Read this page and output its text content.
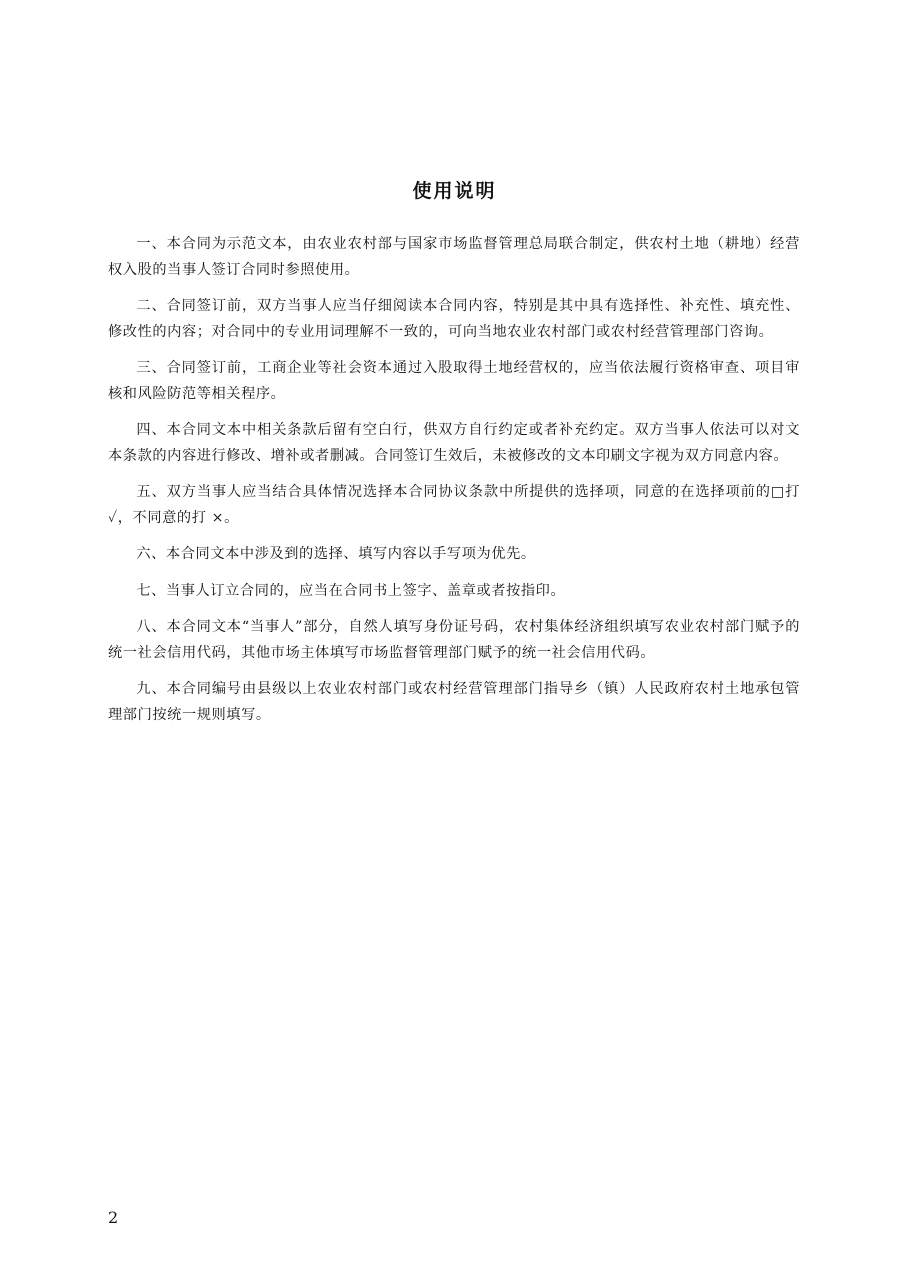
使用说明

一、本合同为示范文本，由农业农村部与国家市场监督管理总局联合制定，供农村土地（耕地）经营权入股的当事人签订合同时参照使用。

二、合同签订前，双方当事人应当仔细阅读本合同内容，特别是其中具有选择性、补充性、填充性、修改性的内容；对合同中的专业用词理解不一致的，可向当地农业农村部门或农村经营管理部门咨询。

三、合同签订前，工商企业等社会资本通过入股取得土地经营权的，应当依法履行资格审查、项目审核和风险防范等相关程序。

四、本合同文本中相关条款后留有空白行，供双方自行约定或者补充约定。双方当事人依法可以对文本条款的内容进行修改、增补或者删减。合同签订生效后，未被修改的文本印刷文字视为双方同意内容。

五、双方当事人应当结合具体情况选择本合同协议条款中所提供的选择项，同意的在选择项前的□打✓，不同意的打 ×。

六、本合同文本中涉及到的选择、填写内容以手写项为优先。

七、当事人订立合同的，应当在合同书上签字、盖章或者按指印。

八、本合同文本“当事人”部分，自然人填写身份证号码，农村集体经济组织填写农业农村部门赋予的统一社会信用代码，其他市场主体填写市场监督管理部门赋予的统一社会信用代码。

九、本合同编号由县级以上农业农村部门或农村经营管理部门指导乡（镇）人民政府农村土地承包管理部门按统一规则填写。

2
